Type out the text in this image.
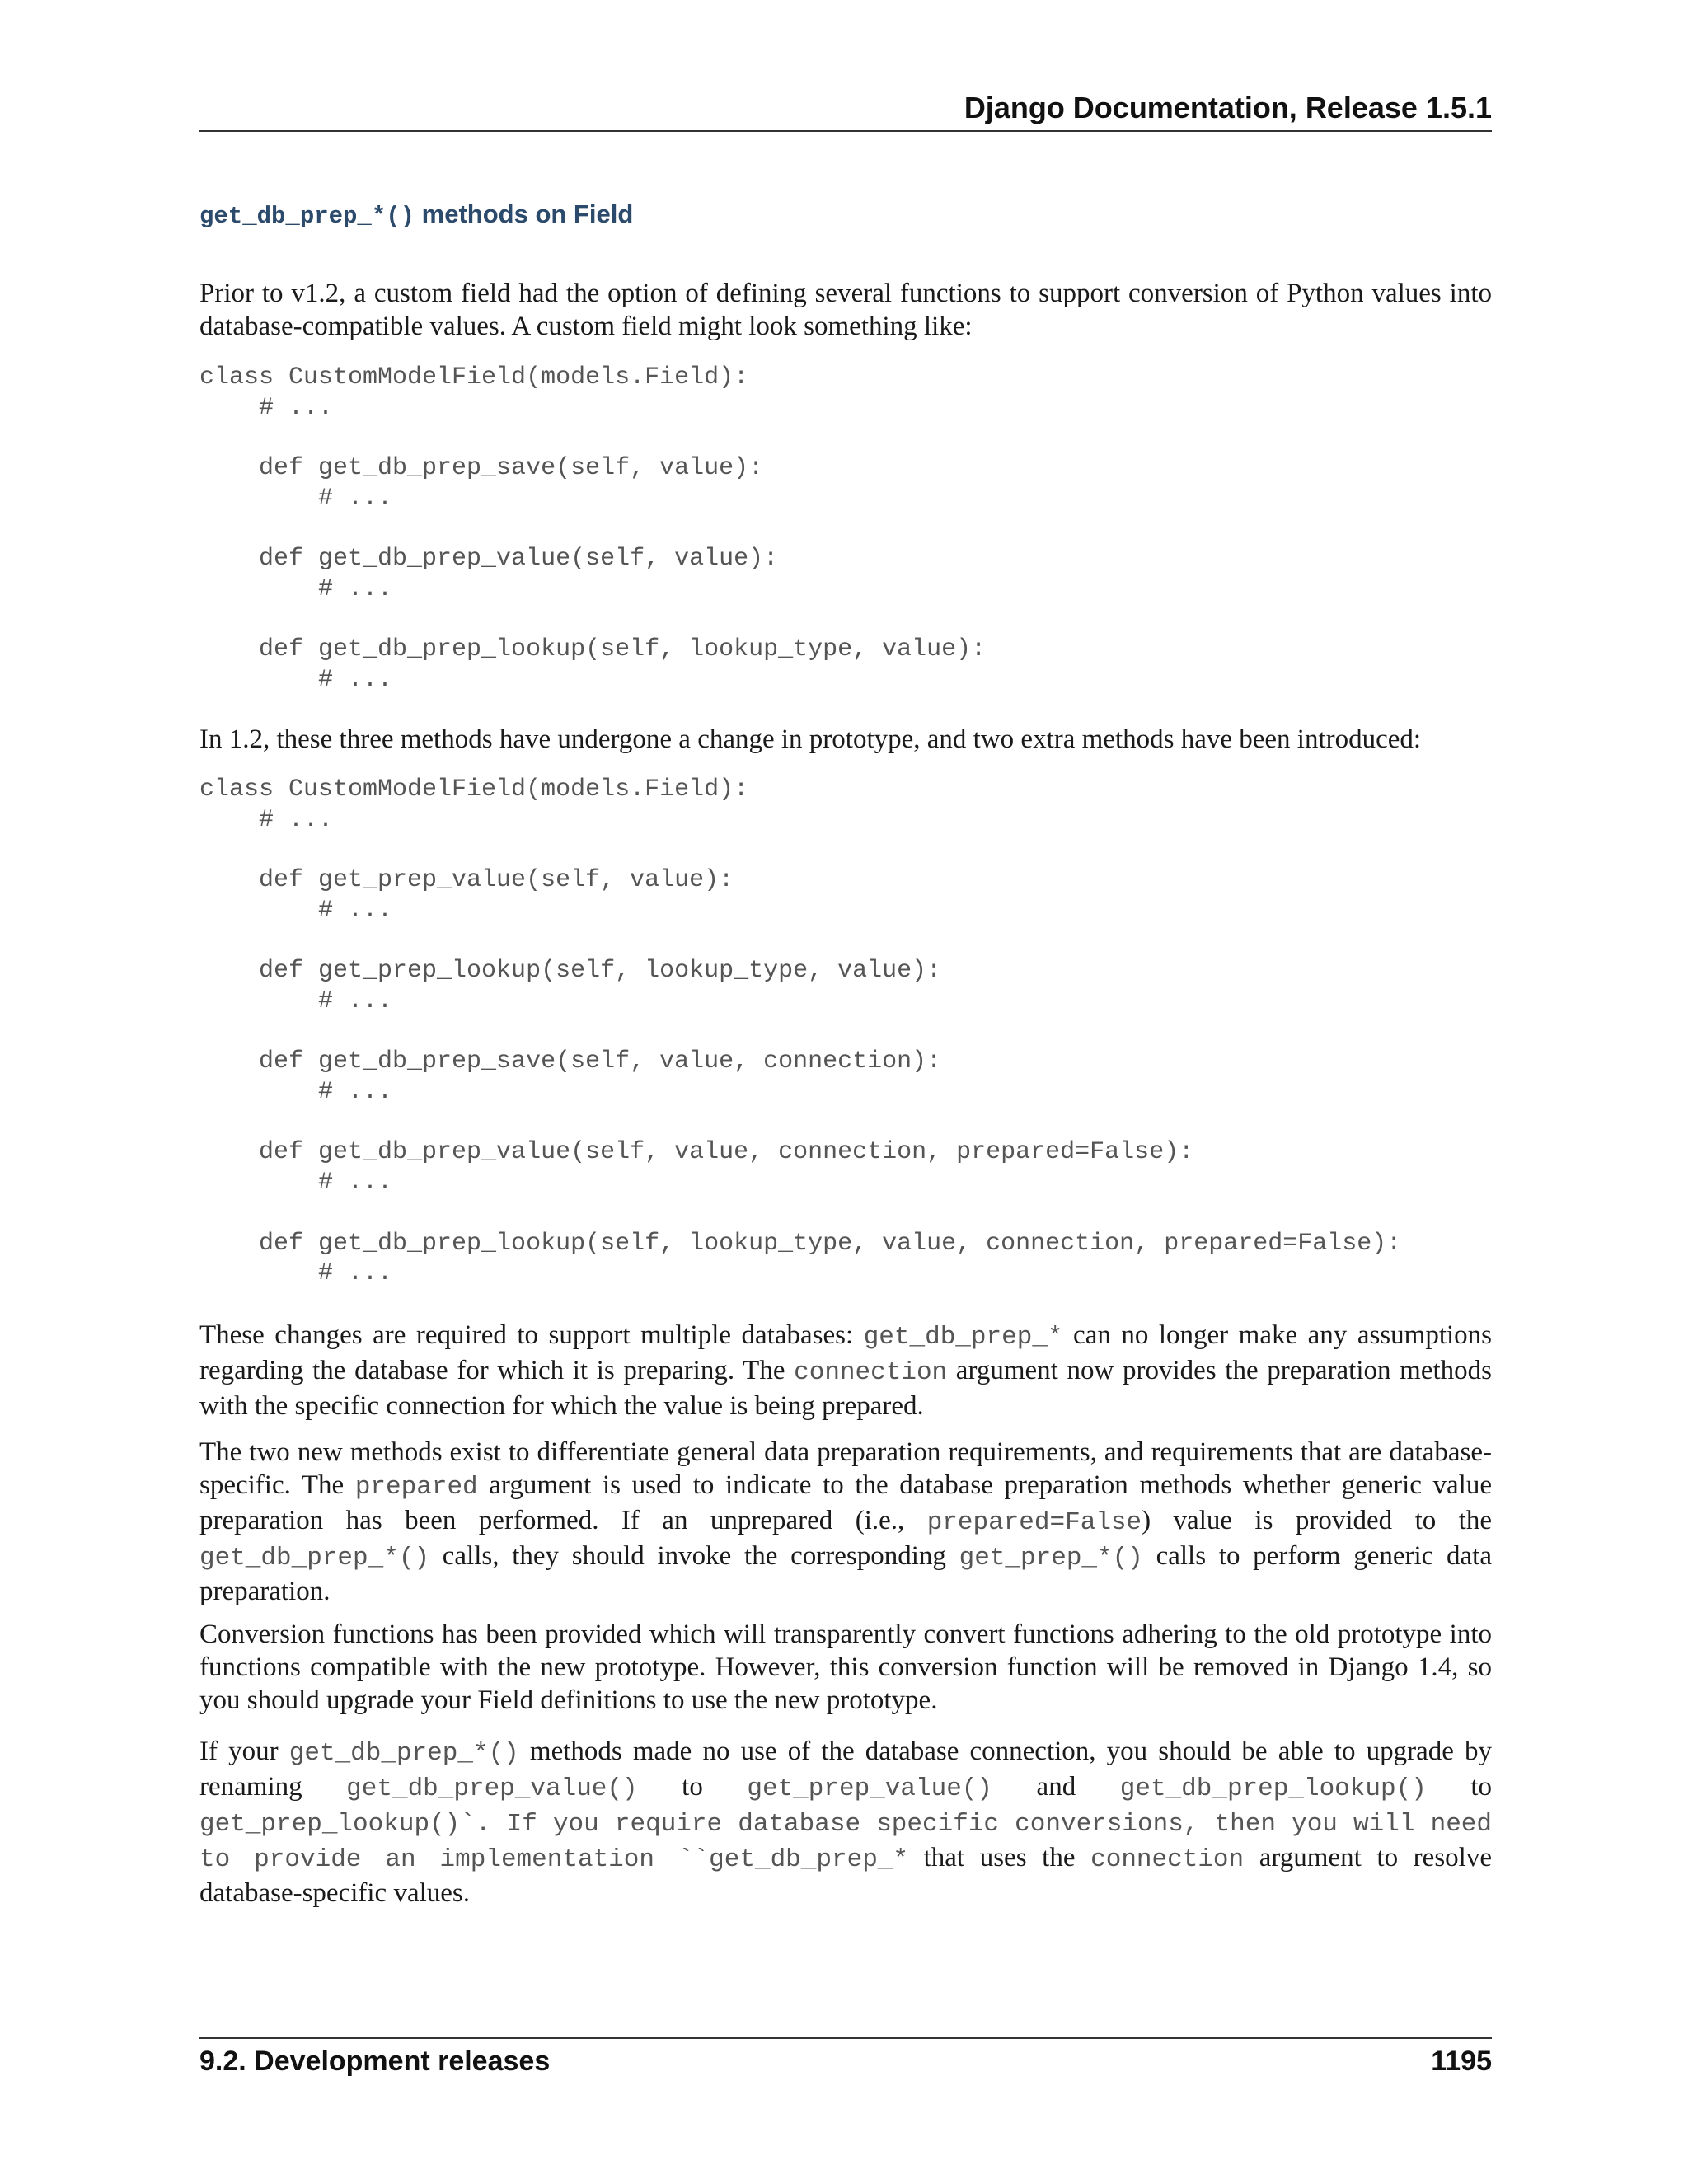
Django Documentation, Release 1.5.1
get_db_prep_*() methods on Field

Prior to v1.2, a custom field had the option of defining several functions to support conversion of Python values into database-compatible values. A custom field might look something like:

class CustomModelField(models.Field):
# ...

def get_db_prep_save(self, value):
# ...

def get_db_prep_value(self, value):
# ...

def get_db_prep_lookup(self, lookup_type, value):
# ...

In 1.2, these three methods have undergone a change in prototype, and two extra methods have been introduced:

class CustomModelField(models.Field):
# ...

def get_prep_value(self, value):
# ...

def get_prep_lookup(self, lookup_type, value):
# ...

def get_db_prep_save(self, value, connection):
# ...

def get_db_prep_value(self, value, connection, prepared=False):
# ...

def get_db_prep_lookup(self, lookup_type, value, connection, prepared=False):
# ...

These changes are required to support multiple databases: get_db_prep_* can no longer make any assumptions regarding the database for which it is preparing. The connection argument now provides the preparation methods with the specific connection for which the value is being prepared.

The two new methods exist to differentiate general data preparation requirements, and requirements that are database-specific. The prepared argument is used to indicate to the database preparation methods whether generic value preparation has been performed. If an unprepared (i.e., prepared=False) value is provided to the get_db_prep_*() calls, they should invoke the corresponding get_prep_*() calls to perform generic data preparation.

Conversion functions has been provided which will transparently convert functions adhering to the old prototype into functions compatible with the new prototype. However, this conversion function will be removed in Django 1.4, so you should upgrade your Field definitions to use the new prototype.

If your get_db_prep_*() methods made no use of the database connection, you should be able to upgrade by renaming get_db_prep_value() to get_prep_value() and get_db_prep_lookup() to get_prep_lookup()`. If you require database specific conversions, then you will need to provide an implementation ``get_db_prep_* that uses the connection argument to resolve database-specific values.

9.2. Development releases	1195
